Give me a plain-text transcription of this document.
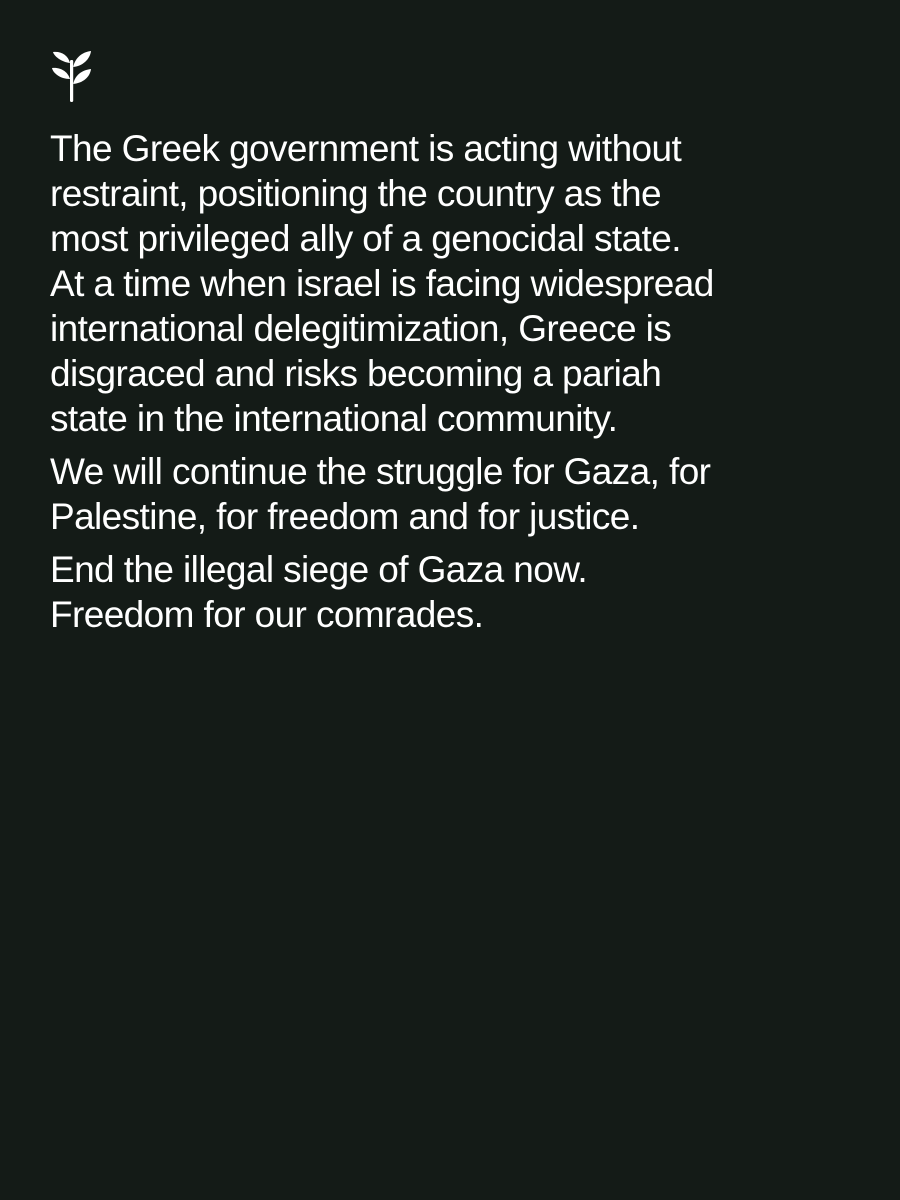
The Greek government is acting without
restraint, positioning the country as the
most privileged ally of a genocidal state.
At a time when israel is facing widespread
international delegitimization, Greece is
disgraced and risks becoming a pariah
state in the international community.

We will continue the struggle for Gaza, for
Palestine, for freedom and for justice.

End the illegal siege of Gaza now.
Freedom for our comrades.
